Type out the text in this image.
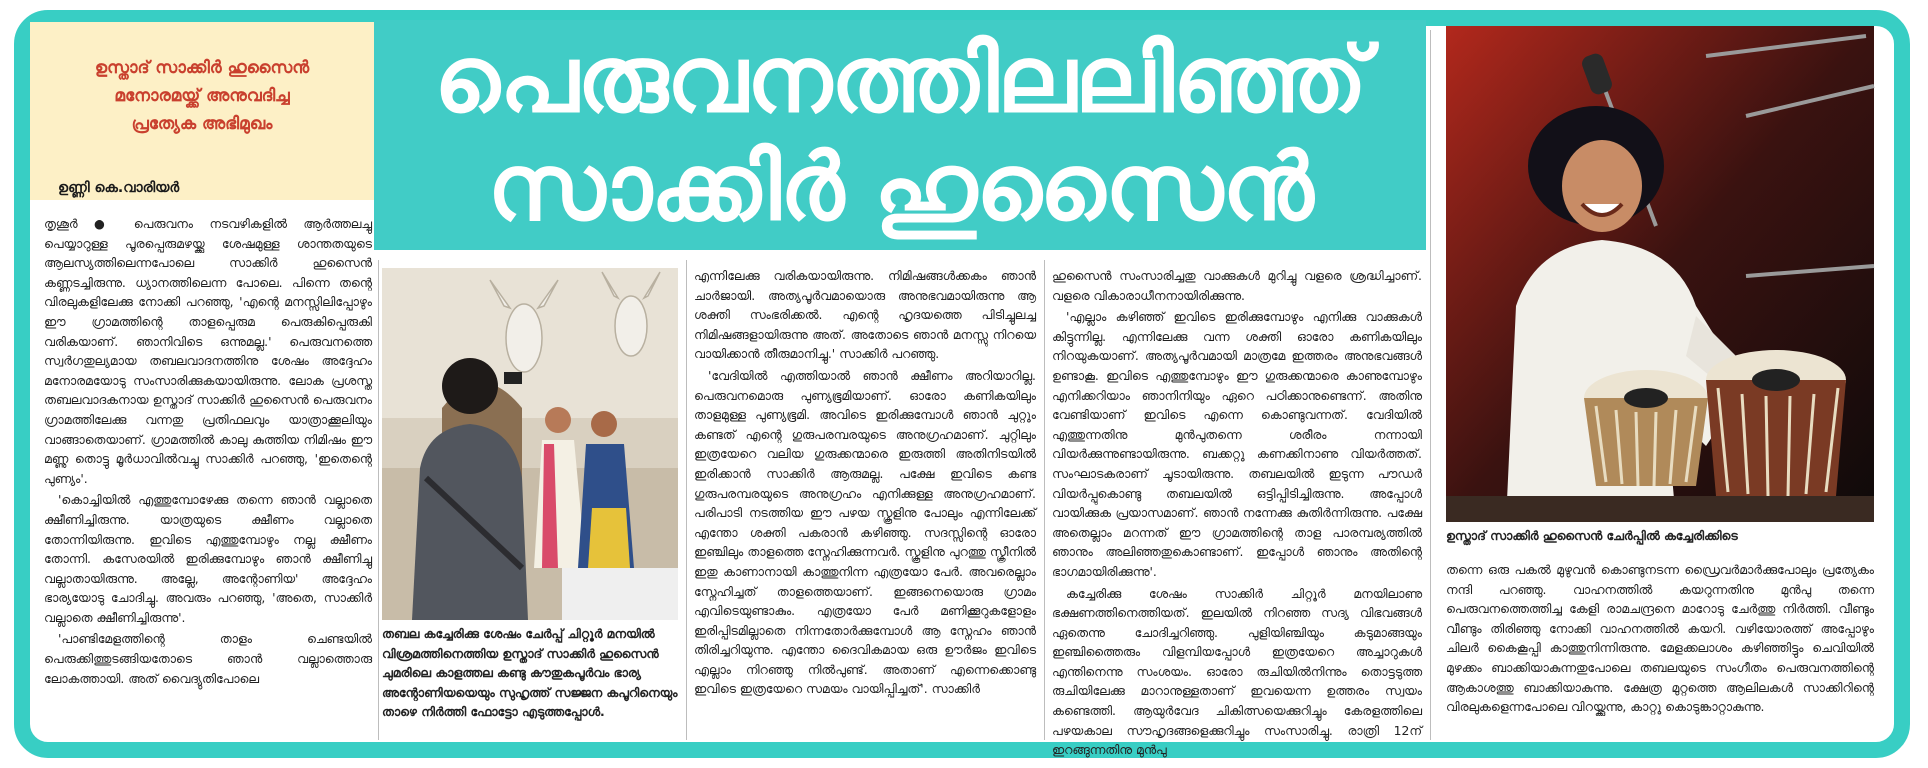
ഉസ്താദ് സാക്കിർ ഹുസൈൻ
മനോരമയ്ക്ക് അനുവദിച്ച
പ്രത്യേക അഭിമുഖം
ഉണ്ണി കെ.വാരിയർ
പെരുവനത്തിലലിഞ്ഞ്
സാക്കിർ ഹുസൈൻ

തൃശൂർ ● പെരുവനം നടവഴികളിൽ ആർത്തലച്ചു പെയ്യാറുള്ള പൂരപ്പെരുമഴയ്ക്കു ശേഷമുള്ള ശാന്തതയുടെ ആലസ്യത്തിലെന്നപോലെ സാക്കിർ ഹുസൈൻ കണ്ണടച്ചിരുന്നു. ധ്യാനത്തിലെന്ന പോലെ. പിന്നെ തന്റെ വിരലുകളിലേക്കു നോക്കി പറഞ്ഞു, 'എന്റെ മനസ്സിലിപ്പോഴും ഈ ഗ്രാമത്തിന്റെ താളപ്പെരുമ പെരുകിപ്പെരുകി വരികയാണ്. ഞാനിവിടെ ഒന്നുമല്ല.' പെരുവനത്തെ സ്വർഗതുല്യമായ തബലവാദനത്തിനു ശേഷം അദ്ദേഹം മനോരമയോടു സംസാരിക്കുകയായിരുന്നു. ലോക പ്രശസ്ത തബലവാദകനായ ഉസ്താദ് സാക്കിർ ഹുസൈൻ പെരുവനം ഗ്രാമത്തിലേക്കു വന്നതു പ്രതിഫലവും യാത്രാക്കൂലിയും വാങ്ങാതെയാണ്. ഗ്രാമത്തിൽ കാലു കുത്തിയ നിമിഷം ഈ മണ്ണു തൊട്ടു മൂർധാവിൽവച്ചു സാക്കിർ പറഞ്ഞു, 'ഇതെന്റെ പുണ്യം'.

'കൊച്ചിയിൽ എത്തുമ്പോഴേക്കു തന്നെ ഞാൻ വല്ലാതെ ക്ഷീണിച്ചിരുന്നു. യാത്രയുടെ ക്ഷീണം വല്ലാതെ തോന്നിയിരുന്നു. ഇവിടെ എത്തുമ്പോഴും നല്ല ക്ഷീണം തോന്നി. കസേരയിൽ ഇരിക്കുമ്പോഴും ഞാൻ ക്ഷീണിച്ചു വല്ലാതായിരുന്നു. അല്ലേ, അന്റോണിയ' അദ്ദേഹം ഭാര്യയോടു ചോദിച്ചു. അവരും പറഞ്ഞു, 'അതെ, സാക്കിർ വല്ലാതെ ക്ഷീണിച്ചിരുന്നു'.

'പാണ്ടിമേളത്തിന്റെ താളം ചെണ്ടയിൽ പെരുക്കിത്തുടങ്ങിയതോടെ ഞാൻ വല്ലാത്തൊരു ലോകത്തായി. അത് വൈദ്യുതിപോലെ

തബല കച്ചേരിക്കു ശേഷം ചേർപ്പ് ചിറ്റൂർ മനയിൽ വിശ്രമത്തിനെത്തിയ ഉസ്താദ് സാക്കിർ ഹുസൈൻ ചുമരിലെ കാളത്തല കണ്ടു കൗതുകപൂർവം ഭാര്യ അന്റോണിയയെയും സുഹൃത്ത് സജ്ജന കപൂറിനെയും താഴെ നിർത്തി ഫോട്ടോ എടുത്തപ്പോൾ.

എന്നിലേക്കു വരികയായിരുന്നു. നിമിഷങ്ങൾക്കകം ഞാൻ ചാർജായി. അത്യപൂർവമായൊരു അനുഭവമായിരുന്നു ആ ശക്തി സംഭരിക്കൽ. എന്റെ ഹൃദയത്തെ പിടിച്ചുലച്ച നിമിഷങ്ങളായിരുന്നു അത്. അതോടെ ഞാൻ മനസ്സു നിറയെ വായിക്കാൻ തീരുമാനിച്ചു.' സാക്കിർ പറഞ്ഞു.

'വേദിയിൽ എത്തിയാൽ ഞാൻ ക്ഷീണം അറിയാറില്ല. പെരുവനമൊരു പുണ്യഭൂമിയാണ്. ഓരോ കണികയിലും താളമുള്ള പുണ്യഭൂമി. അവിടെ ഇരിക്കുമ്പോൾ ഞാൻ ചുറ്റും കണ്ടത് എന്റെ ഗുരുപരമ്പരയുടെ അനുഗ്രഹമാണ്. ചുറ്റിലും ഇത്രയേറെ വലിയ ഗുരുക്കന്മാരെ ഇരുത്തി അതിനിടയിൽ ഇരിക്കാൻ സാക്കിർ ആരുമല്ല. പക്ഷേ ഇവിടെ കണ്ട ഗുരുപരമ്പരയുടെ അനുഗ്രഹം എനിക്കുള്ള അനുഗ്രഹമാണ്. പരിപാടി നടത്തിയ ഈ പഴയ സ്കൂളിനു പോലും എന്നിലേക്ക് എന്തോ ശക്തി പകരാൻ കഴിഞ്ഞു. സദസ്സിന്റെ ഓരോ ഇഞ്ചിലും താളത്തെ സ്നേഹിക്കുന്നവർ. സ്കൂളിനു പുറത്തു സ്ക്രീനിൽ ഇതു കാണാനായി കാത്തുനിന്ന എത്രയോ പേർ. അവരെല്ലാം സ്നേഹിച്ചത് താളത്തെയാണ്. ഇങ്ങനെയൊരു ഗ്രാമം എവിടെയുണ്ടാകും. എത്രയോ പേർ മണിക്കൂറുകളോളം ഇരിപ്പിടമില്ലാതെ നിന്നതോർക്കുമ്പോൾ ആ സ്നേഹം ഞാൻ തിരിച്ചറിയുന്നു. എന്തോ ദൈവികമായ ഒരു ഊർജം ഇവിടെ എല്ലാം നിറഞ്ഞു നിൽപുണ്ട്. അതാണ് എന്നെക്കൊണ്ടു ഇവിടെ ഇത്രയേറെ സമയം വായിപ്പിച്ചത്'. സാക്കിർ

ഹുസൈൻ സംസാരിച്ചതു വാക്കുകൾ മുറിച്ചു വളരെ ശ്രദ്ധിച്ചാണ്. വളരെ വികാരാധീനനായിരിക്കുന്നു.

'എല്ലാം കഴിഞ്ഞ് ഇവിടെ ഇരിക്കുമ്പോഴും എനിക്കു വാക്കുകൾ കിട്ടുന്നില്ല. എന്നിലേക്കു വന്ന ശക്തി ഓരോ കണികയിലും നിറയുകയാണ്. അത്യപൂർവമായി മാത്രമേ ഇത്തരം അനുഭവങ്ങൾ ഉണ്ടാകൂ. ഇവിടെ എത്തുമ്പോഴും ഈ ഗുരുക്കന്മാരെ കാണുമ്പോഴും എനിക്കറിയാം ഞാനിനിയും ഏറെ പഠിക്കാനുണ്ടെന്ന്. അതിനു വേണ്ടിയാണ് ഇവിടെ എന്നെ കൊണ്ടുവന്നത്. വേദിയിൽ എത്തുന്നതിനു മുൻപുതന്നെ ശരീരം നന്നായി വിയർക്കുന്നുണ്ടായിരുന്നു. ബക്കറ്റു കണക്കിനാണു വിയർത്തത്. സംഘാടകരാണ് ചൂടായിരുന്നു. തബലയിൽ ഇടുന്ന പൗഡർ വിയർപ്പുകൊണ്ടു തബലയിൽ ഒട്ടിപ്പിടിച്ചിരുന്നു. അപ്പോൾ വായിക്കുക പ്രയാസമാണ്. ഞാൻ നന്നേക്കു കുതിർന്നിരുന്നു. പക്ഷേ അതെല്ലാം മറന്നത് ഈ ഗ്രാമത്തിന്റെ താള പാരമ്പര്യത്തിൽ ഞാനും അലിഞ്ഞതുകൊണ്ടാണ്. ഇപ്പോൾ ഞാനും അതിന്റെ ഭാഗമായിരിക്കുന്നു'.

കച്ചേരിക്കു ശേഷം സാക്കിർ ചിറ്റൂർ മനയിലാണു ഭക്ഷണത്തിനെത്തിയത്. ഇലയിൽ നിറഞ്ഞ സദ്യ വിഭവങ്ങൾ ഏതെന്നു ചോദിച്ചറിഞ്ഞു. പുളിയിഞ്ചിയും കടുമാങ്ങയും ഇഞ്ചിത്തൈരും വിളമ്പിയപ്പോൾ ഇത്രയേറെ അച്ചാറുകൾ എന്തിനെന്നു സംശയം. ഓരോ രുചിയിൽനിന്നും തൊട്ടടുത്ത രുചിയിലേക്കു മാറാനുള്ളതാണ് ഇവയെന്ന ഉത്തരം സ്വയം കണ്ടെത്തി. ആയുർവേദ ചികിത്സയെക്കുറിച്ചും കേരളത്തിലെ പഴയകാല സൗഹൃദങ്ങളെക്കുറിച്ചും സംസാരിച്ചു. രാത്രി 12ന് ഇറങ്ങുന്നതിനു മുൻപു

ഉസ്താദ് സാക്കിർ ഹുസൈൻ ചേർപ്പിൽ കച്ചേരിക്കിടെ

തന്നെ ഒരു പകൽ മുഴുവൻ കൊണ്ടുനടന്ന ഡ്രൈവർമാർക്കുപോലും പ്രത്യേകം നന്ദി പറഞ്ഞു. വാഹനത്തിൽ കയറുന്നതിനു മുൻപു തന്നെ പെരുവനത്തെത്തിച്ച കേളി രാമചന്ദ്രനെ മാറോടു ചേർത്തു നിർത്തി. വീണ്ടും വീണ്ടും തിരിഞ്ഞു നോക്കി വാഹനത്തിൽ കയറി. വഴിയോരത്ത് അപ്പോഴും ചിലർ കൈകൂപ്പി കാത്തുനിന്നിരുന്നു. മേളക്കലാശം കഴിഞ്ഞിട്ടും ചെവിയിൽ മുഴക്കം ബാക്കിയാകുന്നതുപോലെ തബലയുടെ സംഗീതം പെരുവനത്തിന്റെ ആകാശത്തു ബാക്കിയാകുന്നു. ക്ഷേത്ര മുറ്റത്തെ ആലിലകൾ സാക്കിറിന്റെ വിരലുകളെന്നപോലെ വിറയ്ക്കുന്നു, കാറ്റു കൊടുങ്കാറ്റാകുന്നു.
